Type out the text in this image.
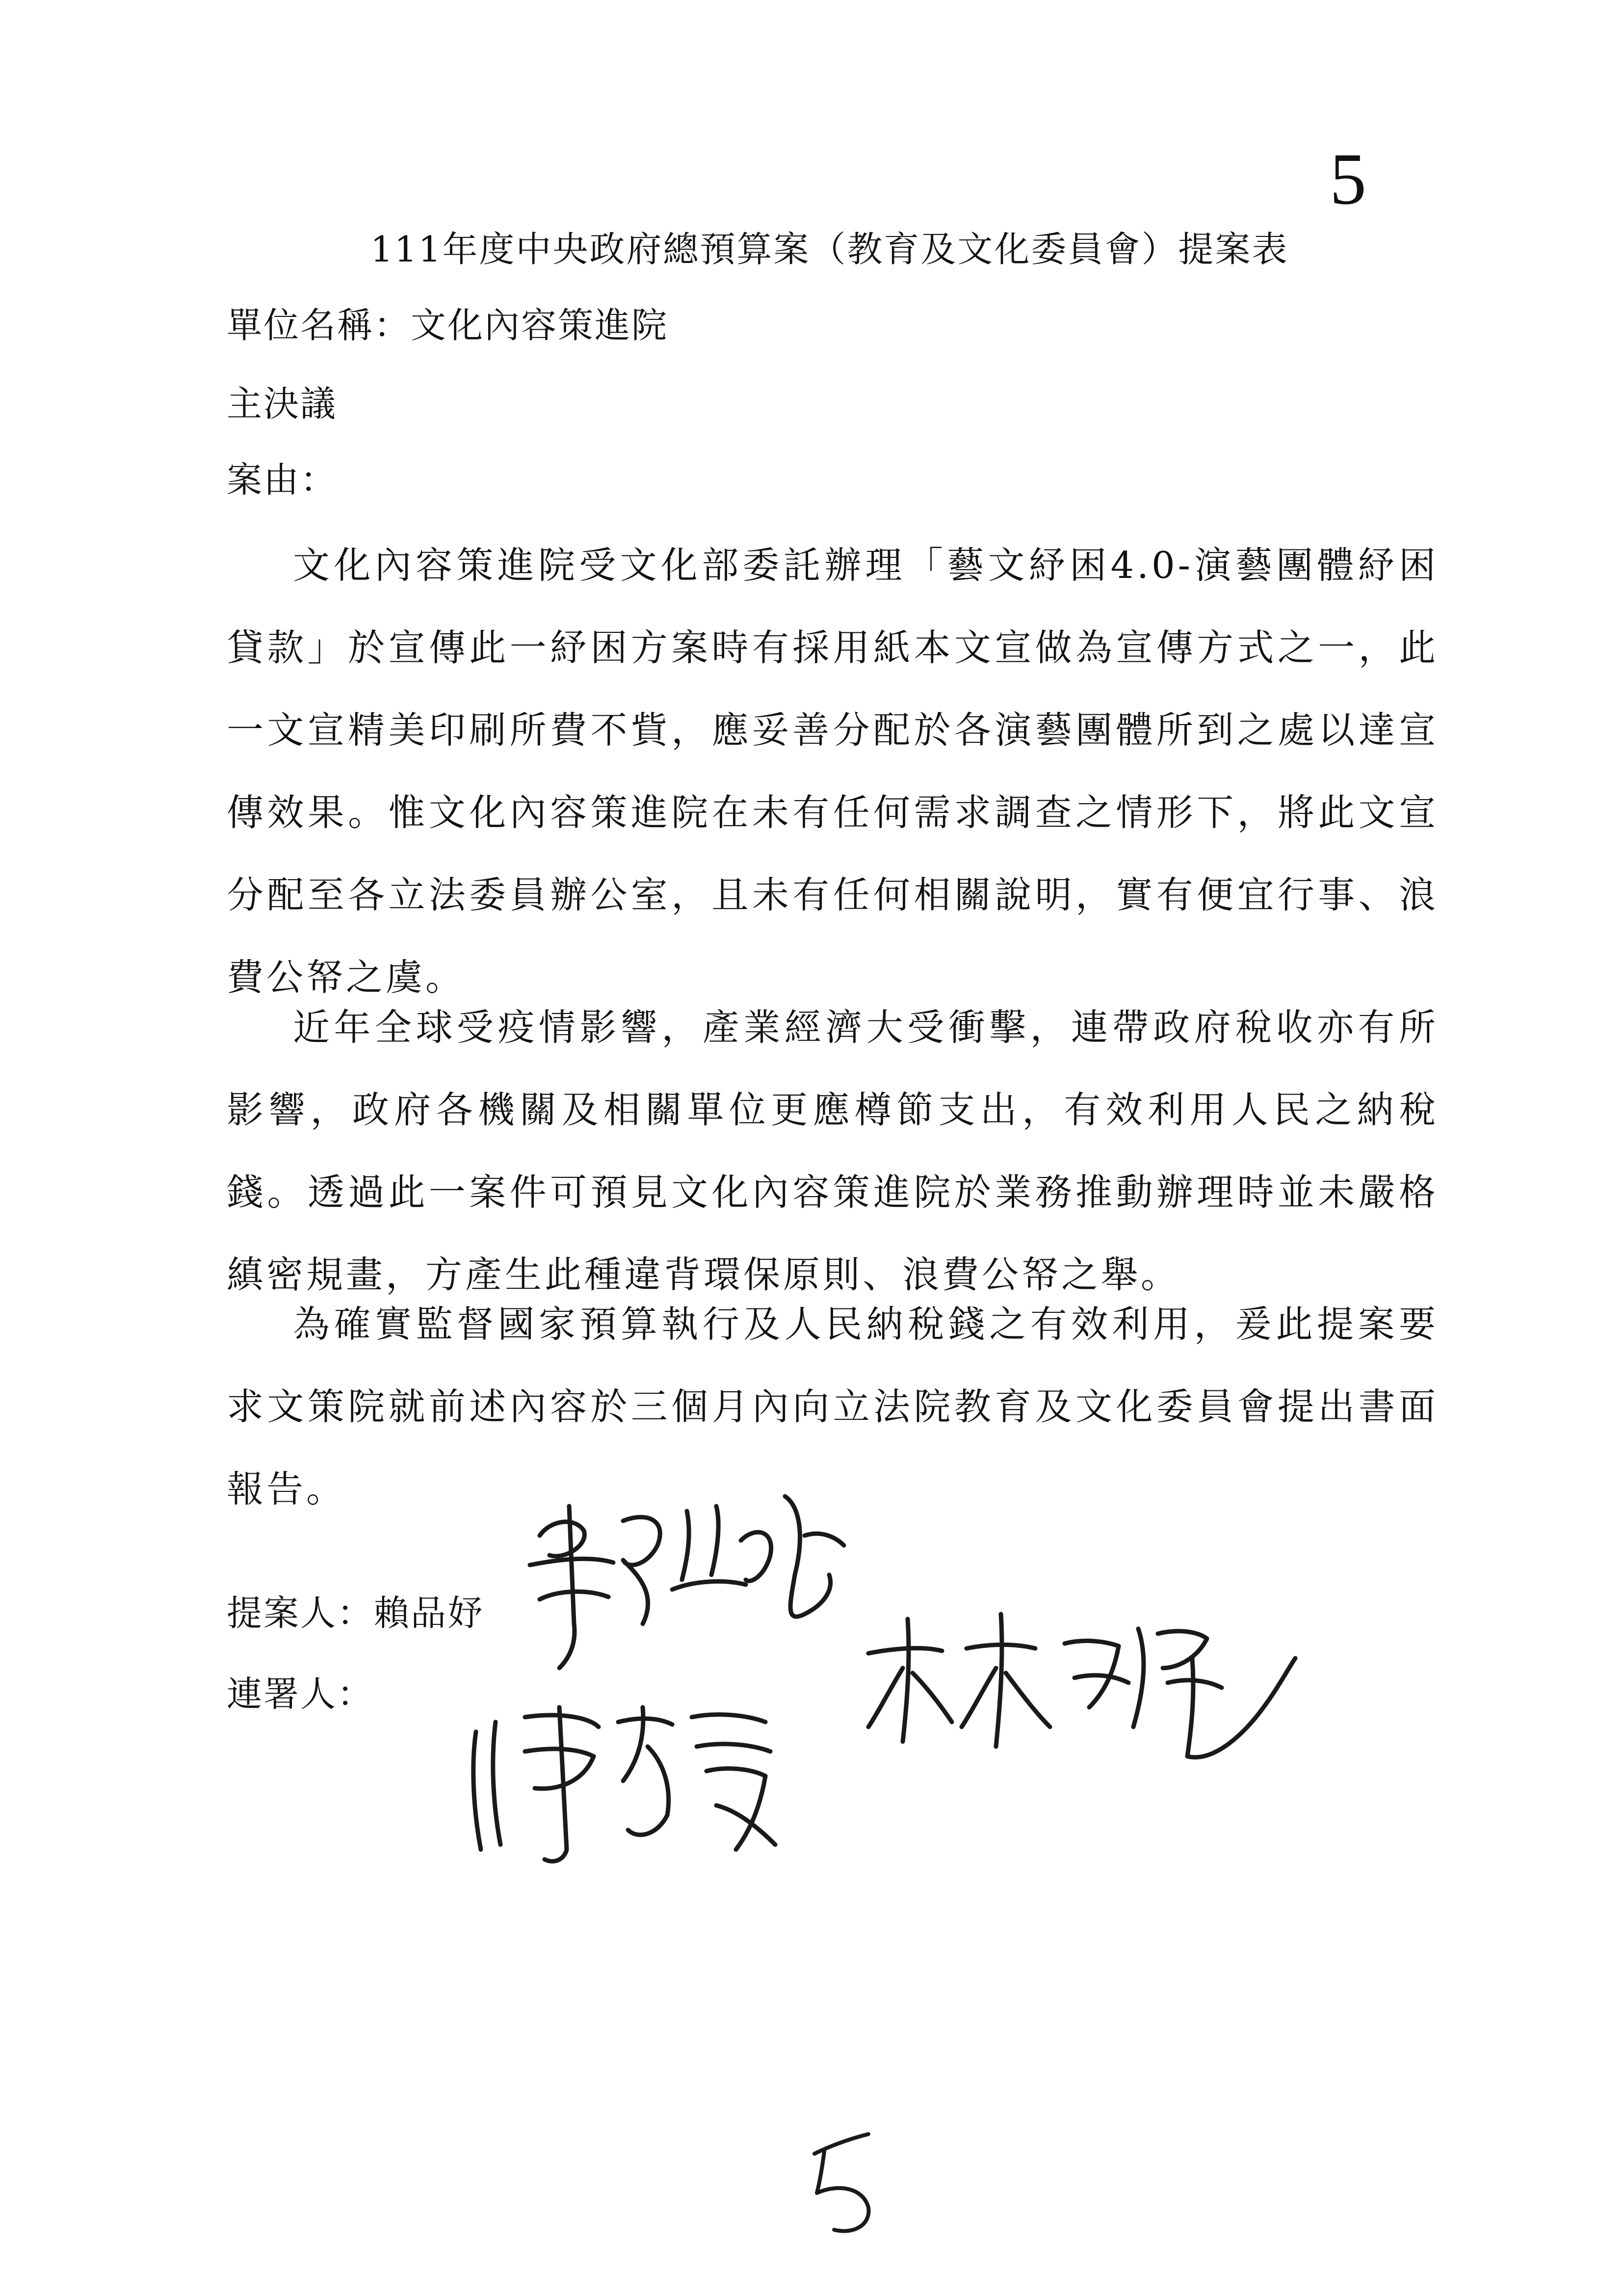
5
111年度中央政府總預算案（教育及文化委員會）提案表
單位名稱：文化內容策進院
主決議
案由：
文化內容策進院受文化部委託辦理「藝文紓困4.0-演藝團體紓困貸款」於宣傳此一紓困方案時有採用紙本文宣做為宣傳方式之一，此一文宣精美印刷所費不貲，應妥善分配於各演藝團體所到之處以達宣傳效果。惟文化內容策進院在未有任何需求調查之情形下，將此文宣分配至各立法委員辦公室，且未有任何相關說明，實有便宜行事、浪費公帑之虞。
近年全球受疫情影響，產業經濟大受衝擊，連帶政府稅收亦有所影響，政府各機關及相關單位更應樽節支出，有效利用人民之納稅錢。透過此一案件可預見文化內容策進院於業務推動辦理時並未嚴格縝密規畫，方產生此種違背環保原則、浪費公帑之舉。
為確實監督國家預算執行及人民納稅錢之有效利用，爰此提案要求文策院就前述內容於三個月內向立法院教育及文化委員會提出書面報告。
提案人：賴品妤
連署人：
